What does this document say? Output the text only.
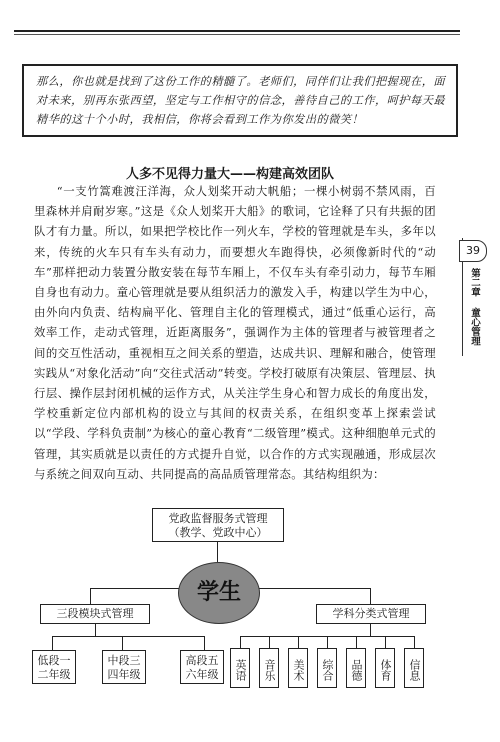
那么，你也就是找到了这份工作的精髓了。老师们，同伴们让我们把握现在，面对未来，别再东张西望，坚定与工作相守的信念，善待自己的工作，呵护每天最精华的这十个小时，我相信，你将会看到工作为你发出的微笑！
人多不见得力量大——构建高效团队

“一支竹篙难渡汪洋海，众人划桨开动大帆船；一棵小树弱不禁风雨，百里森林并肩耐岁寒。”这是《众人划桨开大船》的歌词，它诠释了只有共振的团队才有力量。所以，如果把学校比作一列火车，学校的管理就是车头，多年以来，传统的火车只有车头有动力，而要想火车跑得快，必须像新时代的“动车”那样把动力装置分散安装在每节车厢上，不仅车头有牵引动力，每节车厢自身也有动力。童心管理就是要从组织活力的激发入手，构建以学生为中心，由外向内负责、结构扁平化、管理自主化的管理模式，通过“低重心运行，高效率工作，走动式管理，近距离服务”，强调作为主体的管理者与被管理者之间的交互性活动，重视相互之间关系的塑造，达成共识、理解和融合，使管理实践从“对象化活动”向“交往式活动”转变。学校打破原有决策层、管理层、执行层、操作层封闭机械的运作方式，从关注学生身心和智力成长的角度出发，学校重新定位内部机构的设立与其间的权责关系，在组织变革上探索尝试以“学段、学科负责制”为核心的童心教育“二级管理”模式。这种细胞单元式的管理，其实质就是以责任的方式提升自觉，以合作的方式实现融通，形成层次与系统之间双向互动、共同提高的高品质管理常态。其结构组织为：

39
第二章 童心管理
党政监督服务式管理
（教学、党政中心）
学生
三段模块式管理	学科分类式管理
低段一
二年级
中段三
四年级
高段五
六年级	英语	音乐	美术	综合	品德	体育	信息
